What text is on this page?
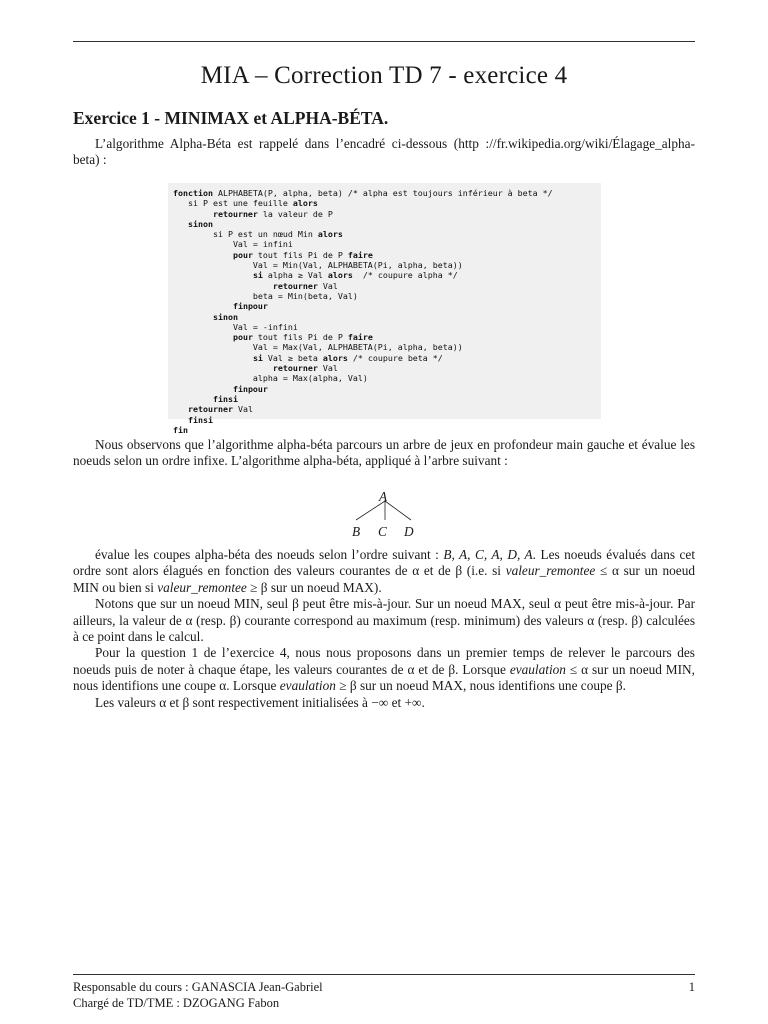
MIA – Correction TD 7 - exercice 4
Exercice 1 - MINIMAX et ALPHA-BÉTA.

L’algorithme Alpha-Béta est rappelé dans l’encadré ci-dessous (http ://fr.wikipedia.org/wiki/Élagage_alpha-beta) :

fonction ALPHABETA(P, alpha, beta) /* alpha est toujours inférieur à beta */
si P est une feuille alors
retourner la valeur de P
sinon
si P est un nœud Min alors
Val = infini
pour tout fils Pi de P faire
Val = Min(Val, ALPHABETA(Pi, alpha, beta))
si alpha ≥ Val alors  /* coupure alpha */
retourner Val
beta = Min(beta, Val)
finpour
sinon
Val = -infini
pour tout fils Pi de P faire
Val = Max(Val, ALPHABETA(Pi, alpha, beta))
si Val ≥ beta alors /* coupure beta */
retourner Val
alpha = Max(alpha, Val)
finpour
finsi
retourner Val
finsi
fin

Nous observons que l’algorithme alpha-béta parcours un arbre de jeux en profondeur main gauche et évalue les noeuds selon un ordre infixe. L’algorithme alpha-béta, appliqué à l’arbre suivant :

A
B C D

évalue les coupes alpha-béta des noeuds selon l’ordre suivant : B, A, C, A, D, A. Les noeuds évalués dans cet ordre sont alors élagués en fonction des valeurs courantes de α et de β (i.e. si valeur_remontee ≤ α sur un noeud MIN ou bien si valeur_remontee ≥ β sur un noeud MAX).

Notons que sur un noeud MIN, seul β peut être mis-à-jour. Sur un noeud MAX, seul α peut être mis-à-jour. Par ailleurs, la valeur de α (resp. β) courante correspond au maximum (resp. minimum) des valeurs α (resp. β) calculées à ce point dans le calcul.

Pour la question 1 de l’exercice 4, nous nous proposons dans un premier temps de relever le parcours des noeuds puis de noter à chaque étape, les valeurs courantes de α et de β. Lorsque evaulation ≤ α sur un noeud MIN, nous identifions une coupe α. Lorsque evaulation ≥ β sur un noeud MAX, nous identifions une coupe β.

Les valeurs α et β sont respectivement initialisées à −∞ et +∞.

Responsable du cours : GANASCIA Jean-Gabriel

Chargé de TD/TME : DZOGANG Fabon

1
